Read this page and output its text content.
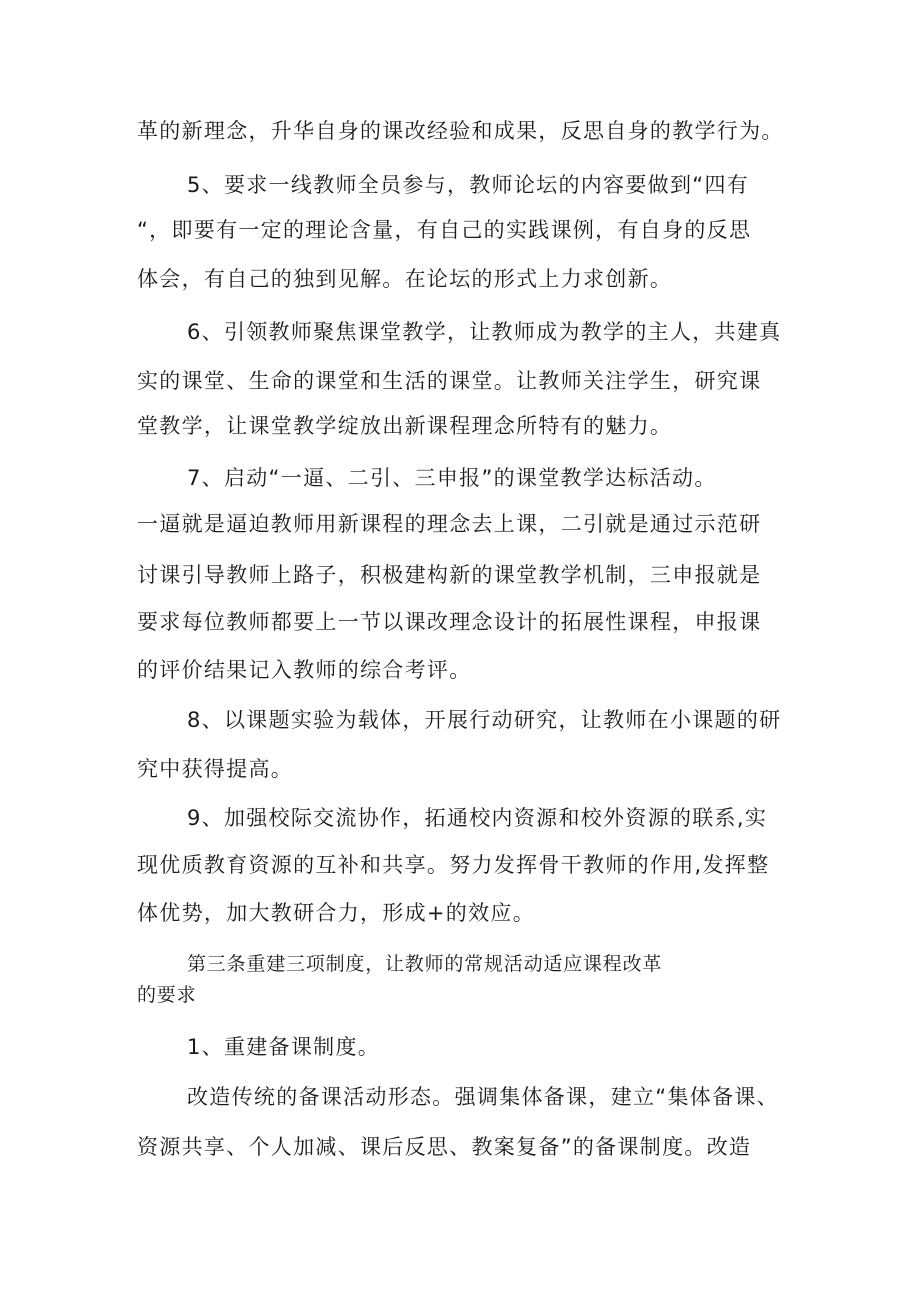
革的新理念，升华自身的课改经验和成果，反思自身的教学行为。
5、要求一线教师全员参与，教师论坛的内容要做到“四有
“，即要有一定的理论含量，有自己的实践课例，有自身的反思
体会，有自己的独到见解。在论坛的形式上力求创新。
6、引领教师聚焦课堂教学，让教师成为教学的主人，共建真
实的课堂、生命的课堂和生活的课堂。让教师关注学生，研究课
堂教学，让课堂教学绽放出新课程理念所特有的魅力。
7、启动“一逼、二引、三申报”的课堂教学达标活动。
一逼就是逼迫教师用新课程的理念去上课，二引就是通过示范研
讨课引导教师上路子，积极建构新的课堂教学机制，三申报就是
要求每位教师都要上一节以课改理念设计的拓展性课程，申报课
的评价结果记入教师的综合考评。
8、以课题实验为载体，开展行动研究，让教师在小课题的研
究中获得提高。
9、加强校际交流协作，拓通校内资源和校外资源的联系,实
现优质教育资源的互补和共享。努力发挥骨干教师的作用,发挥整
体优势，加大教研合力，形成+的效应。
第三条重建三项制度，让教师的常规活动适应课程改革
的要求
1、重建备课制度。
改造传统的备课活动形态。强调集体备课，建立“集体备课、
资源共享、个人加减、课后反思、教案复备”的备课制度。改造
